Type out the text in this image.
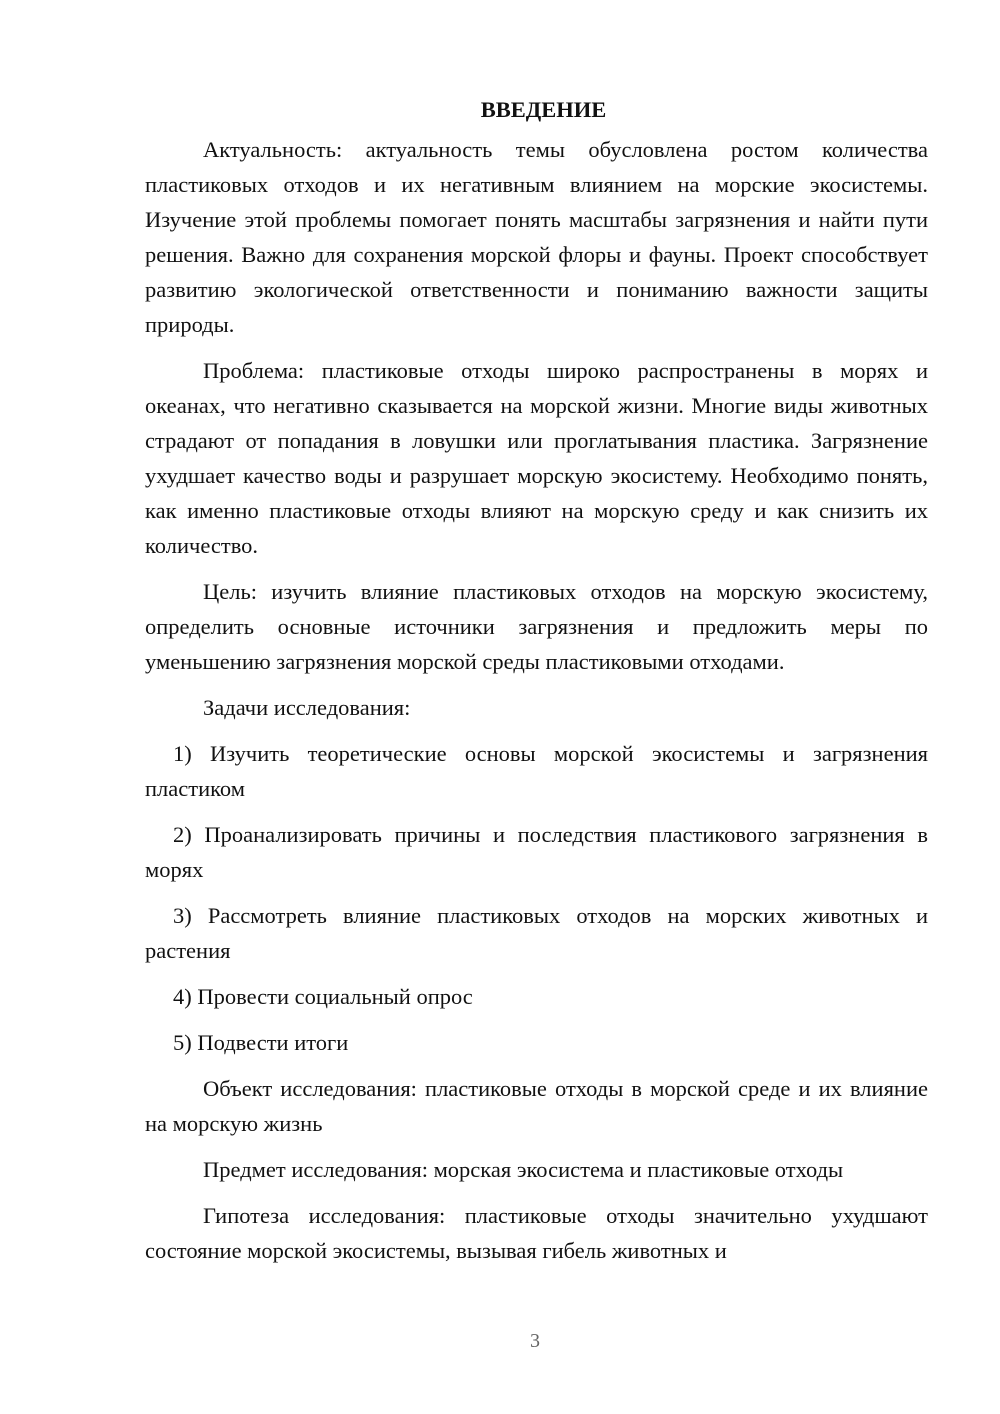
ВВЕДЕНИЕ

Актуальность: актуальность темы обусловлена ростом количества пластиковых отходов и их негативным влиянием на морские экосистемы. Изучение этой проблемы помогает понять масштабы загрязнения и найти пути решения. Важно для сохранения морской флоры и фауны. Проект способствует развитию экологической ответственности и пониманию важности защиты природы.

Проблема: пластиковые отходы широко распространены в морях и океанах, что негативно сказывается на морской жизни. Многие виды животных страдают от попадания в ловушки или проглатывания пластика. Загрязнение ухудшает качество воды и разрушает морскую экосистему. Необходимо понять, как именно пластиковые отходы влияют на морскую среду и как снизить их количество.

Цель: изучить влияние пластиковых отходов на морскую экосистему, определить основные источники загрязнения и предложить меры по уменьшению загрязнения морской среды пластиковыми отходами.

Задачи исследования:

1) Изучить теоретические основы морской экосистемы и загрязнения пластиком

2) Проанализировать причины и последствия пластикового загрязнения в морях

3) Рассмотреть влияние пластиковых отходов на морских животных и растения

4) Провести социальный опрос

5) Подвести итоги

Объект исследования: пластиковые отходы в морской среде и их влияние на морскую жизнь

Предмет исследования: морская экосистема и пластиковые отходы

Гипотеза исследования: пластиковые отходы значительно ухудшают состояние морской экосистемы, вызывая гибель животных и

3
